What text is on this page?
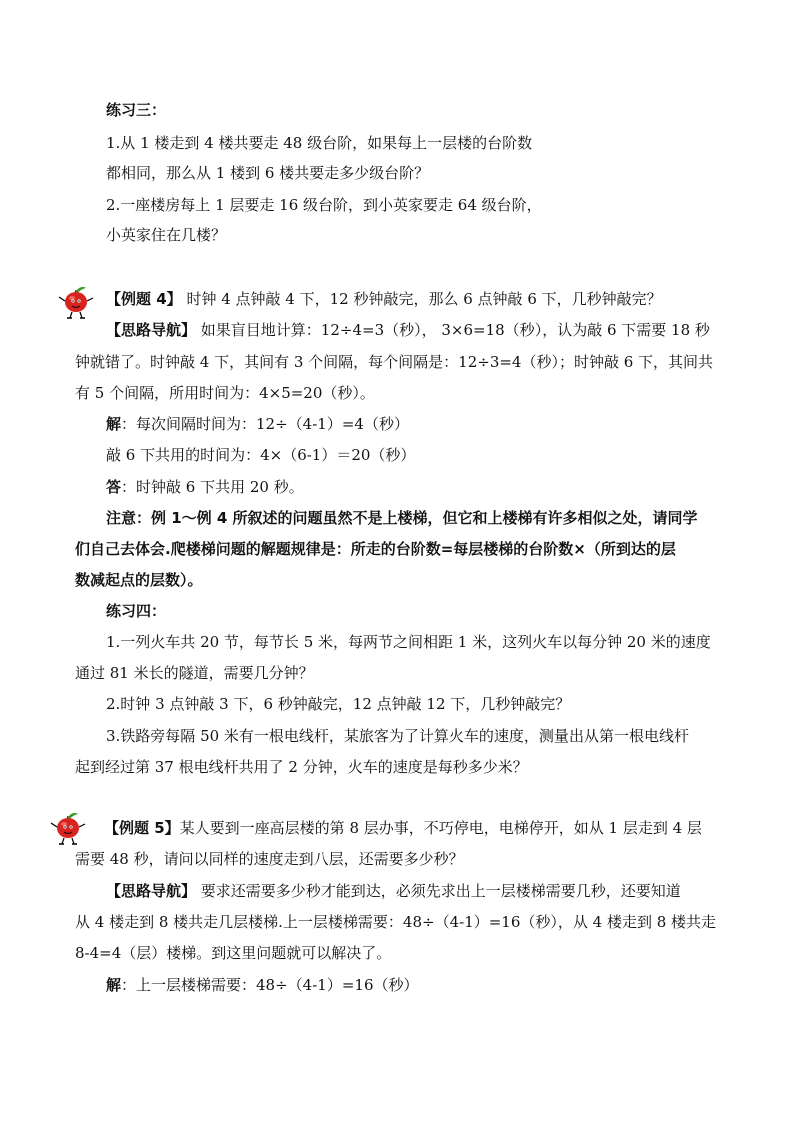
练习三：
1.从 1 楼走到 4 楼共要走 48 级台阶，如果每上一层楼的台阶数
都相同，那么从 1 楼到 6 楼共要走多少级台阶？
2.一座楼房每上 1 层要走 16 级台阶，到小英家要走 64 级台阶，
小英家住在几楼？
【例题 4】 时钟 4 点钟敲 4 下，12 秒钟敲完，那么 6 点钟敲 6 下，几秒钟敲完？
【思路导航】 如果盲目地计算：12÷4=3（秒）， 3×6=18（秒），认为敲 6 下需要 18 秒
钟就错了。时钟敲 4 下，其间有 3 个间隔，每个间隔是：12÷3=4（秒）；时钟敲 6 下，其间共
有 5 个间隔，所用时间为：4×5=20（秒）。
解：每次间隔时间为：12÷（4-1）=4（秒）
敲 6 下共用的时间为：4×（6-1）＝20（秒）
答：时钟敲 6 下共用 20 秒。
注意：例 1～例 4 所叙述的问题虽然不是上楼梯，但它和上楼梯有许多相似之处，请同学
们自己去体会.爬楼梯问题的解题规律是：所走的台阶数=每层楼梯的台阶数×（所到达的层
数减起点的层数）。
练习四：
1.一列火车共 20 节，每节长 5 米，每两节之间相距 1 米，这列火车以每分钟 20 米的速度
通过 81 米长的隧道，需要几分钟？
2.时钟 3 点钟敲 3 下，6 秒钟敲完，12 点钟敲 12 下，几秒钟敲完？
3.铁路旁每隔 50 米有一根电线杆，某旅客为了计算火车的速度，测量出从第一根电线杆
起到经过第 37 根电线杆共用了 2 分钟，火车的速度是每秒多少米？
【例题 5】某人要到一座高层楼的第 8 层办事，不巧停电，电梯停开，如从 1 层走到 4 层
需要 48 秒，请问以同样的速度走到八层，还需要多少秒？
【思路导航】 要求还需要多少秒才能到达，必须先求出上一层楼梯需要几秒，还要知道
从 4 楼走到 8 楼共走几层楼梯.上一层楼梯需要：48÷（4-1）=16（秒），从 4 楼走到 8 楼共走
8-4=4（层）楼梯。到这里问题就可以解决了。
解：上一层楼梯需要：48÷（4-1）=16（秒）
